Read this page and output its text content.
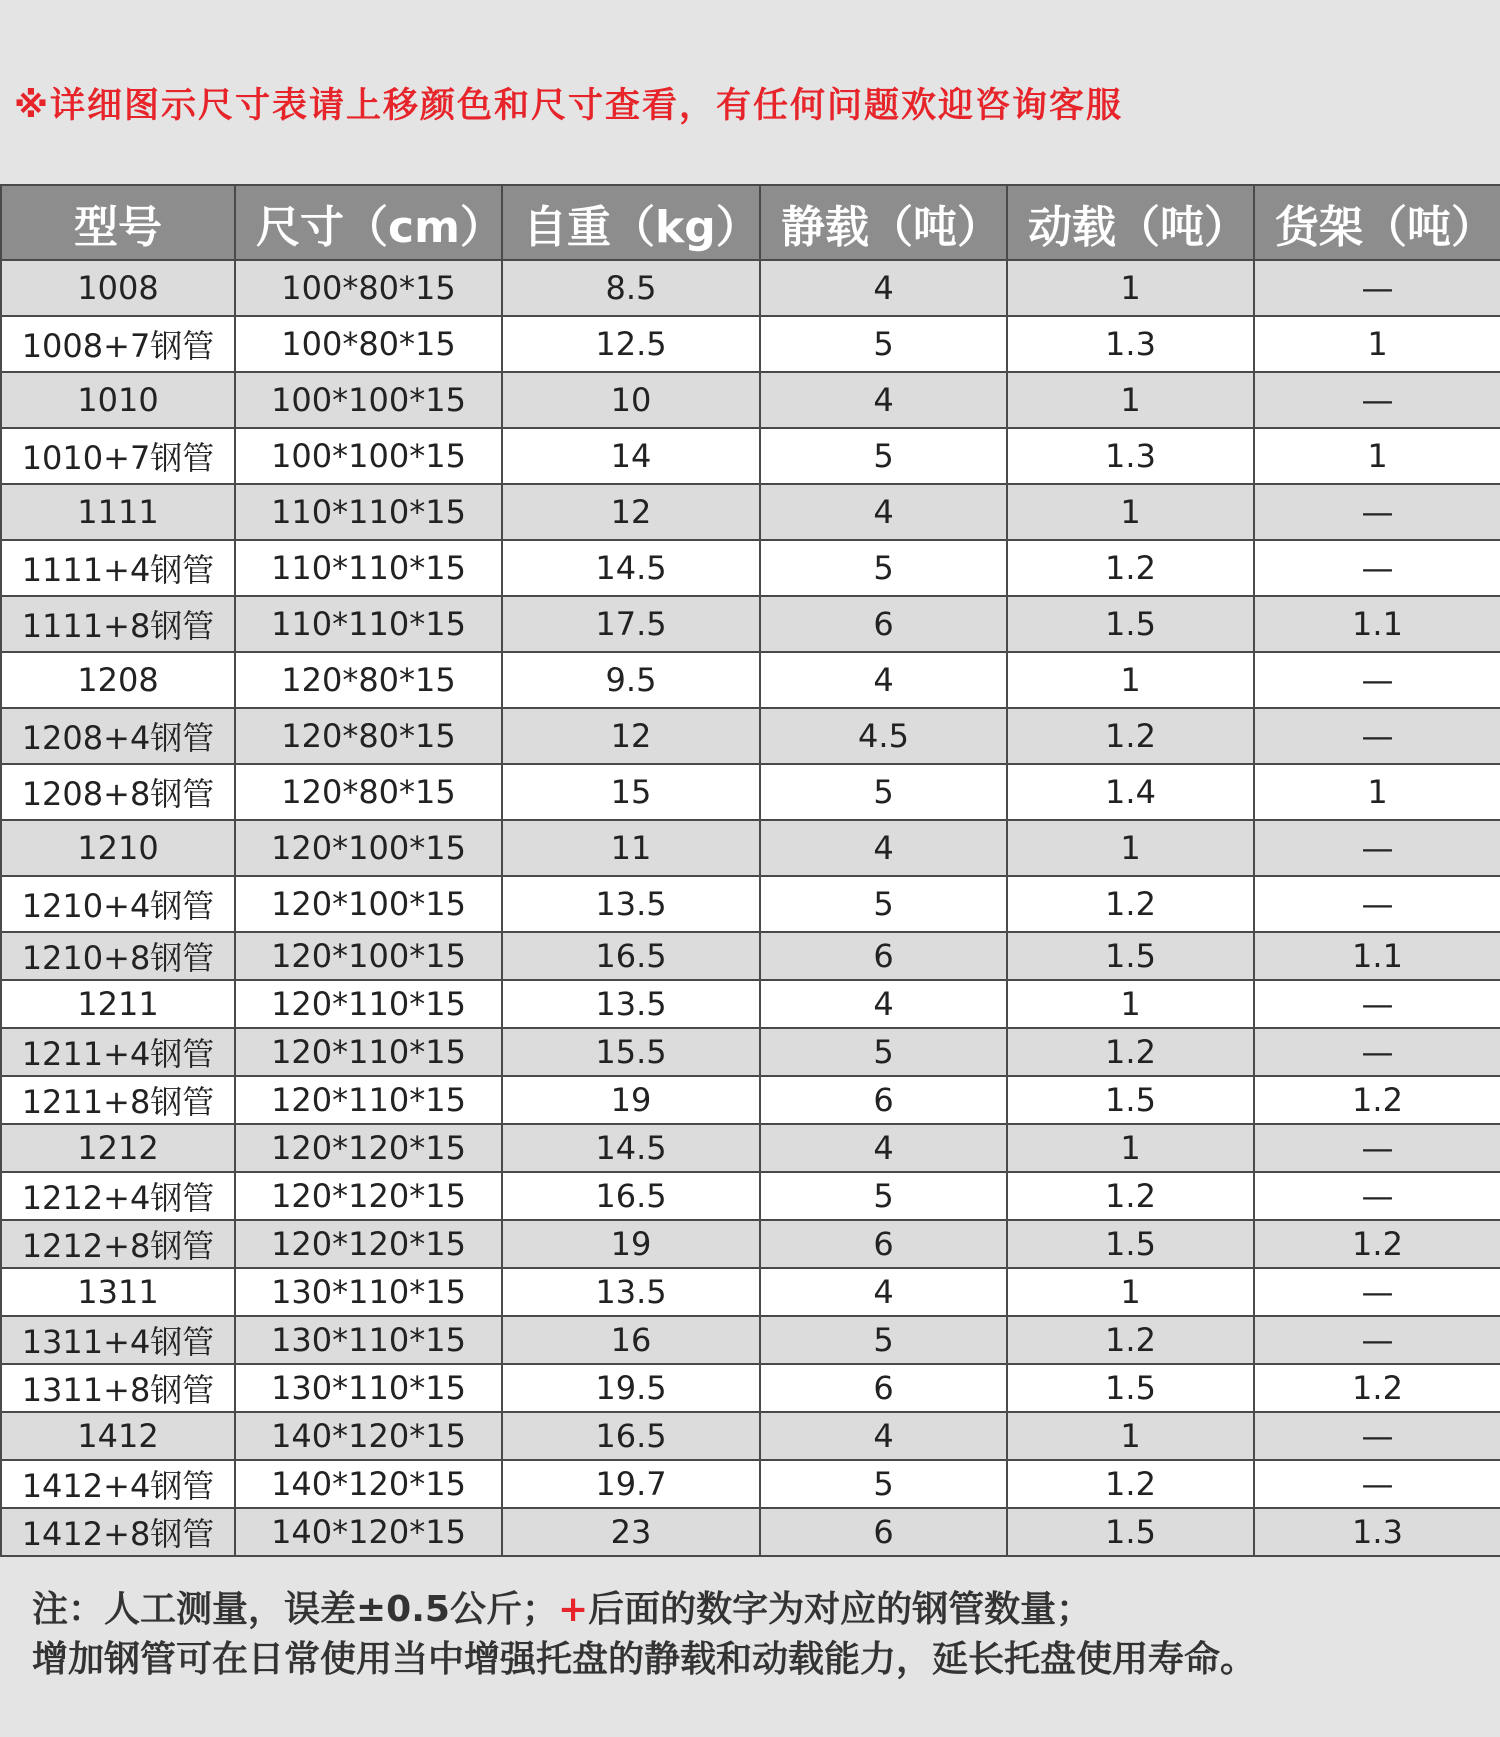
※详细图示尺寸表请上移颜色和尺寸查看，有任何问题欢迎咨询客服
型号	尺寸（cm）	自重（kg）	静载（吨）	动载（吨）	货架（吨）
1008	100*80*15	8.5	4	1	—
1008+7钢管	100*80*15	12.5	5	1.3	1
1010	100*100*15	10	4	1	—
1010+7钢管	100*100*15	14	5	1.3	1
1111	110*110*15	12	4	1	—
1111+4钢管	110*110*15	14.5	5	1.2	—
1111+8钢管	110*110*15	17.5	6	1.5	1.1
1208	120*80*15	9.5	4	1	—
1208+4钢管	120*80*15	12	4.5	1.2	—
1208+8钢管	120*80*15	15	5	1.4	1
1210	120*100*15	11	4	1	—
1210+4钢管	120*100*15	13.5	5	1.2	—
1210+8钢管	120*100*15	16.5	6	1.5	1.1
1211	120*110*15	13.5	4	1	—
1211+4钢管	120*110*15	15.5	5	1.2	—
1211+8钢管	120*110*15	19	6	1.5	1.2
1212	120*120*15	14.5	4	1	—
1212+4钢管	120*120*15	16.5	5	1.2	—
1212+8钢管	120*120*15	19	6	1.5	1.2
1311	130*110*15	13.5	4	1	—
1311+4钢管	130*110*15	16	5	1.2	—
1311+8钢管	130*110*15	19.5	6	1.5	1.2
1412	140*120*15	16.5	4	1	—
1412+4钢管	140*120*15	19.7	5	1.2	—
1412+8钢管	140*120*15	23	6	1.5	1.3
注：人工测量，误差±0.5公斤；+后面的数字为对应的钢管数量；
增加钢管可在日常使用当中增强托盘的静载和动载能力，延长托盘使用寿命。
